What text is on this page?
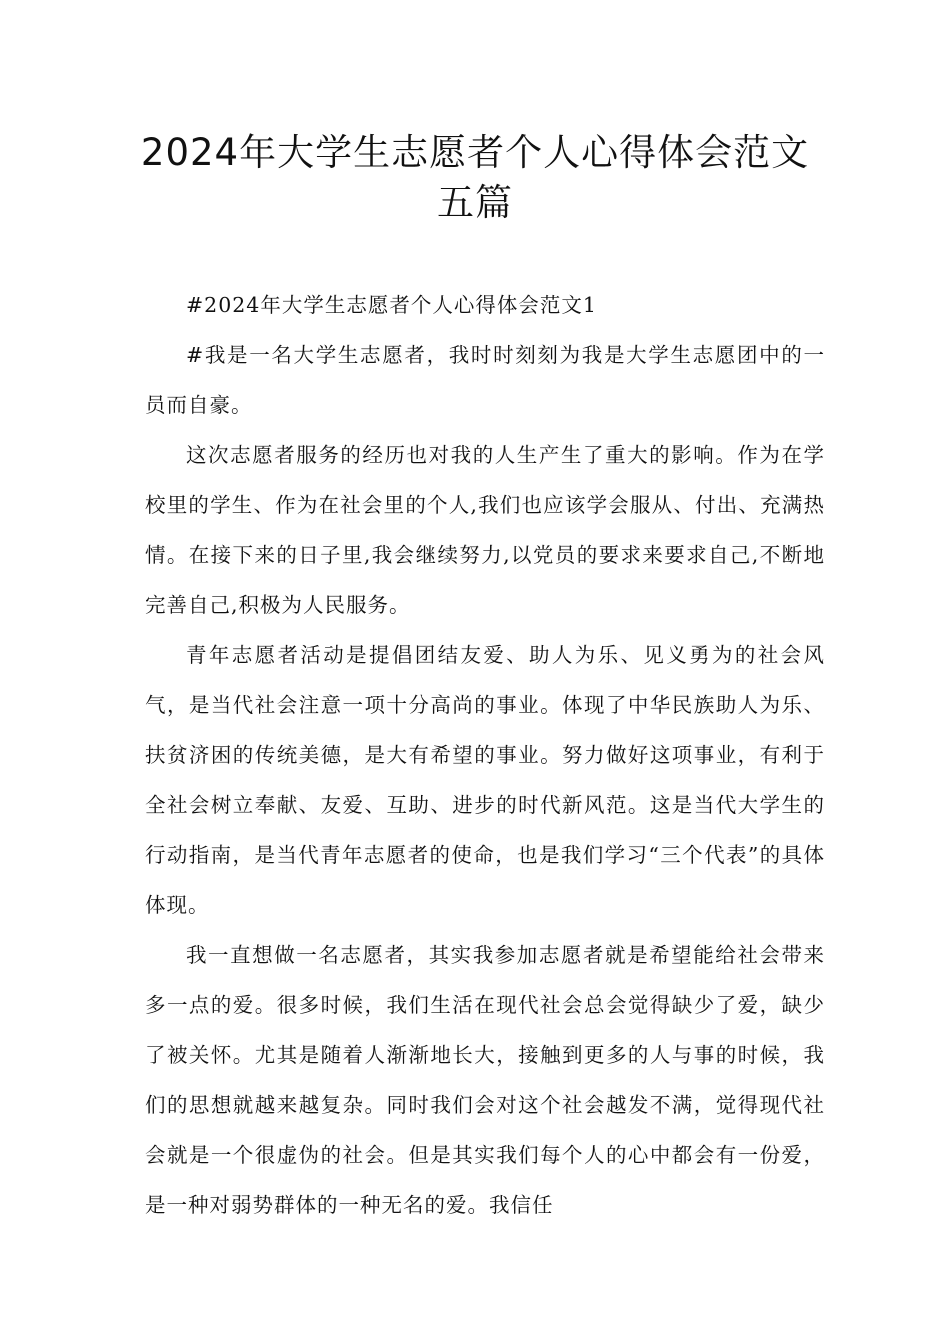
2024年大学生志愿者个人心得体会范文
五篇

#2024年大学生志愿者个人心得体会范文1

#我是一名大学生志愿者，我时时刻刻为我是大学生志愿团中的一员而自豪。

这次志愿者服务的经历也对我的人生产生了重大的影响。作为在学校里的学生、作为在社会里的个人,我们也应该学会服从、付出、充满热情。在接下来的日子里,我会继续努力,以党员的要求来要求自己,不断地完善自己,积极为人民服务。

青年志愿者活动是提倡团结友爱、助人为乐、见义勇为的社会风气，是当代社会注意一项十分高尚的事业。体现了中华民族助人为乐、扶贫济困的传统美德，是大有希望的事业。努力做好这项事业，有利于全社会树立奉献、友爱、互助、进步的时代新风范。这是当代大学生的行动指南，是当代青年志愿者的使命，也是我们学习“三个代表”的具体体现。

我一直想做一名志愿者，其实我参加志愿者就是希望能给社会带来多一点的爱。很多时候，我们生活在现代社会总会觉得缺少了爱，缺少了被关怀。尤其是随着人渐渐地长大，接触到更多的人与事的时候，我们的思想就越来越复杂。同时我们会对这个社会越发不满，觉得现代社会就是一个很虚伪的社会。但是其实我们每个人的心中都会有一份爱，是一种对弱势群体的一种无名的爱。我信任
